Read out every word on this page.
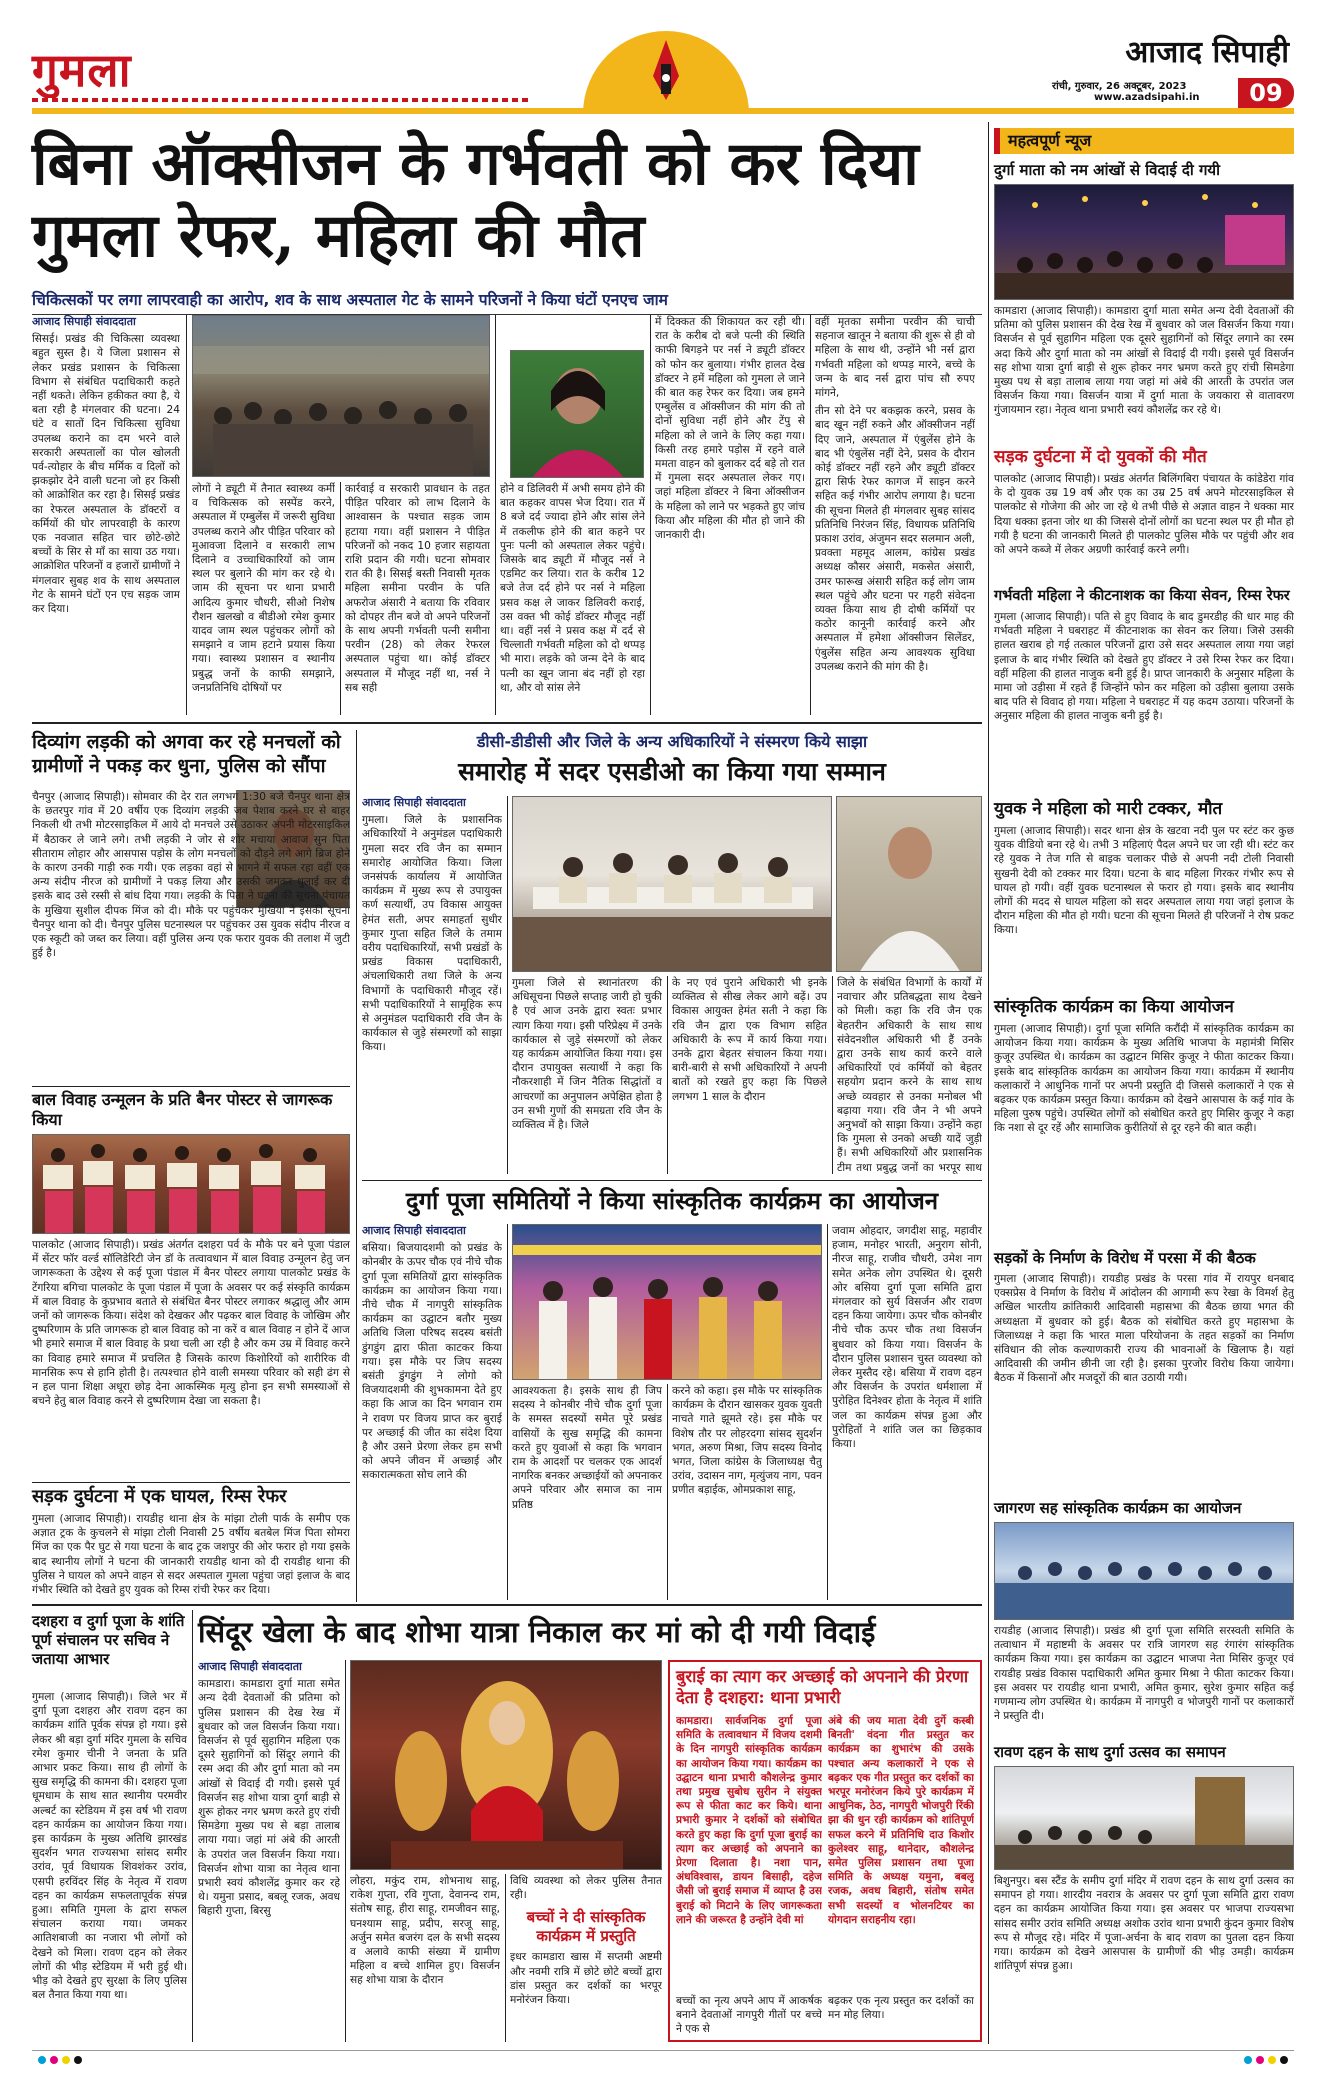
गुमला	आजाद सिपाही
रांची, गुरुवार, 26 अक्टूबर, 2023
www.azadsipahi.in	09
बिना ऑक्सीजन के गर्भवती को कर दिया गुमला रेफर, महिला की मौत
चिकित्सकों पर लगा लापरवाही का आरोप, शव के साथ अस्पताल गेट के सामने परिजनों ने किया घंटों एनएच जाम
आजाद सिपाही संवाददाता
सिसई। प्रखंड की चिकित्सा व्यवस्था बहुत सुस्त है। ये जिला प्रशासन से लेकर प्रखंड प्रशासन के चिकित्सा विभाग से संबंधित पदाधिकारी कहते नहीं थकते। लेकिन हकीकत क्या है, ये बता रही है मंगलवार की घटना। 24 घंटे व सातों दिन चिकित्सा सुविधा उपलब्ध कराने का दम भरने वाले सरकारी अस्पतालों का पोल खोलती पर्व-त्योहार के बीच मर्मिक व दिलों को झकझोर देने वाली घटना जो हर किसी को आक्रोशित कर रहा है। सिसई प्रखंड का रेफरल अस्पताल के डॉक्टरों व कर्मियों की घोर लापरवाही के कारण एक नवजात सहित चार छोटे-छोटे बच्चों के सिर से माँ का साया उठ गया। आक्रोशित परिजनों व हजारों ग्रामीणों ने मंगलवार सुबह शव के साथ अस्पताल गेट के सामने घंटों एन एच सड़क जाम कर दिया।
लोगों ने ड्यूटी में तैनात स्वास्थ्य कर्मी व चिकित्सक को सस्पेंड करने, अस्पताल में एम्बुलेंस में जरूरी सुविधा उपलब्ध कराने और पीड़ित परिवार को मुआवजा दिलाने व सरकारी लाभ दिलाने व उच्चाधिकारियों को जाम स्थल पर बुलाने की मांग कर रहे थे। जाम की सूचना पर थाना प्रभारी आदित्य कुमार चौधरी, सीओ निशेष रौशन खलखो व बीडीओ रमेश कुमार यादव जाम स्थल पहुंचकर लोगों को समझाने व जाम हटाने प्रयास किया गया। स्वास्थ्य प्रशासन व स्थानीय प्रबुद्ध जनों के काफी समझाने, जनप्रतिनिधि दोषियों पर
कार्रवाई व सरकारी प्रावधान के तहत पीड़ित परिवार को लाभ दिलाने के आश्वासन के पश्चात सड़क जाम हटाया गया। वहीं प्रशासन ने पीड़ित परिजनों को नकद 10 हजार सहायता राशि प्रदान की गयी। घटना सोमवार रात की है। सिसई बस्ती निवासी मृतक महिला समीना परवीन के पति अफरोज अंसारी ने बताया कि रविवार को दोपहर तीन बजे वो अपने परिजनों के साथ अपनी गर्भवती पत्नी समीना परवीन (28) को लेकर रेफरल अस्पताल पहुंचा था। कोई डॉक्टर अस्पताल में मौजूद नहीं था, नर्स ने सब सही
होने व डिलिवरी में अभी समय होने की बात कहकर वापस भेज दिया। रात में 8 बजे दर्द ज्यादा होने और सांस लेने में तकलीफ होने की बात कहने पर पुनः पत्नी को अस्पताल लेकर पहुंचे। जिसके बाद ड्यूटी में मौजूद नर्स ने एडमिट कर लिया। रात के करीब 12 बजे तेज दर्द होने पर नर्स ने महिला प्रसव कक्ष ले जाकर डिलिवरी कराई, उस वक्त भी कोई डॉक्टर मौजूद नहीं था। वहीं नर्स ने प्रसव कक्ष में दर्द से चिल्लाती गर्भवती महिला को दो थप्पड़ भी मारा। लड़के को जन्म देने के बाद पत्नी का खून जाना बंद नहीं हो रहा था, और वो सांस लेने
में दिक्कत की शिकायत कर रही थी। रात के करीब दो बजे पत्नी की स्थिति काफी बिगड़ने पर नर्स ने ड्यूटी डॉक्टर को फोन कर बुलाया। गंभीर हालत देख डॉक्टर ने हमें महिला को गुमला ले जाने की बात कह रेफर कर दिया। जब हमने एम्बुलेंस व ऑक्सीजन की मांग की तो दोनों सुविधा नहीं होने और टेंपु से महिला को ले जाने के लिए कहा गया। किसी तरह हमारे पड़ोस में रहने वाले ममता वाहन को बुलाकर दर्द बड़े तो रात में गुमला सदर अस्पताल लेकर गए। जहां महिला डॉक्टर ने बिना ऑक्सीजन के महिला को लाने पर भड़कते हुए जांच किया और महिला की मौत हो जाने की जानकारी दी।
वहीं मृतका समीना परवीन की चाची सहनाज खातून ने बताया की शुरू से ही वो महिला के साथ थी, उन्होंने भी नर्स द्वारा गर्भवती महिला को थप्पड़ मारने, बच्चे के जन्म के बाद नर्स द्वारा पांच सौ रुपए मांगने,
तीन सो देने पर बकझक करने, प्रसव के बाद खून नहीं रुकने और ऑक्सीजन नहीं दिए जाने, अस्पताल में एंबुलेंस होने के बाद भी एंबुलेंस नहीं देने, प्रसव के दौरान कोई डॉक्टर नहीं रहने और ड्यूटी डॉक्टर द्वारा सिर्फ रेफर कागज में साइन करने सहित कई गंभीर आरोप लगाया है। घटना की सूचना मिलते ही मंगलवार सुबह सांसद प्रतिनिधि निरंजन सिंह, विधायक प्रतिनिधि प्रकाश उरांव, अंजुमन सदर सलमान अली, प्रवक्ता महमूद आलम, कांग्रेस प्रखंड अध्यक्ष कौसर अंसारी, मकसेत अंसारी, उमर फारूख अंसारी सहित कई लोग जाम स्थल पहुंचे और घटना पर गहरी संवेदना व्यक्त किया साथ ही दोषी कर्मियों पर कठोर कानूनी कार्रवाई करने और अस्पताल में हमेशा ऑक्सीजन सिलेंडर, एंबुलेंस सहित अन्य आवश्यक सुविधा उपलब्ध कराने की मांग की है।
दिव्यांग लड़की को अगवा कर रहे मनचलों को ग्रामीणों ने पकड़ कर धुना, पुलिस को सौंपा
चैनपुर (आजाद सिपाही)। सोमवार की देर रात लगभग 1:30 बजे चैनपुर थाना क्षेत्र के छतरपुर गांव में 20 वर्षीय एक दिव्यांग लड़की जब पेशाब करने घर से बाहर निकली थी तभी मोटरसाइकिल में आये दो मनचले उसे उठाकर अपनी मोटरसाइकिल में बैठाकर ले जाने लगे। तभी लड़की ने जोर से शोर मचाया आवाज सुन पिता सीताराम लोहार और आसपास पड़ोस के लोग मनचलों को दौड़ने लगे आगे ब्रिज होने के कारण उनकी गाड़ी रुक गयी। एक लड़का वहां से भागने में सफल रहा वहीं एक अन्य संदीप नीरज को ग्रामीणों ने पकड़ लिया और उसकी जमकर धुलाई कर दी इसके बाद उसे रस्सी से बांध दिया गया। लड़की के पिता ने घटना की सूचना पंचायत के मुखिया सुशील दीपक मिंज को दी। मौके पर पहुंचकर मुखिया ने इसकी सूचना चैनपुर थाना को दी। चैनपुर पुलिस घटनास्थल पर पहुंचकर उस युवक संदीप नीरज व एक स्कूटी को जब्त कर लिया। वहीं पुलिस अन्य एक फरार युवक की तलाश में जुटी हुई है।
बाल विवाह उन्मूलन के प्रति बैनर पोस्टर से जागरूक किया
पालकोट (आजाद सिपाही)। प्रखंड अंतर्गत दशहरा पर्व के मौके पर बने पूजा पंडाल में सेंटर फॉर वर्ल्ड सॉलिडेरिटी जेन डॉ के तत्वावधान में बाल विवाह उन्मूलन हेतु जन जागरूकता के उद्देश्य से कई पूजा पंडाल में बैनर पोस्टर लगाया पालकोट प्रखंड के टेंगरिया बगिचा पालकोट के पूजा पंडाल में पूजा के अवसर पर कई संस्कृति कार्यक्रम में बाल विवाह के कुप्रभाव बताते से संबंधित बैनर पोस्टर लगाकर श्रद्धालु और आम जनों को जागरूक किया। संदेश को देखकर और पढ़कर बाल विवाह के जोखिम और दुष्परिणाम के प्रति जागरूक हो बाल विवाह को ना करें व बाल विवाह न होने दें आज भी हमारे समाज में बाल विवाह के प्रथा चली आ रही है और कम उम्र में विवाह करने का विवाह हमारे समाज में प्रचलित है जिसके कारण किशोरियों को शारीरिक वी मानसिक रूप से हानि होती है। तत्पश्चात होने वाली समस्या परिवार को सही ढंग से न हल पाना शिक्षा अधूरा छोड़ देना आकस्मिक मृत्यु होना इन सभी समस्याओं से बचने हेतु बाल विवाह करने से दुष्परिणाम देखा जा सकता है।
सड़क दुर्घटना में एक घायल, रिम्स रेफर
गुमला (आजाद सिपाही)। रायडीह थाना क्षेत्र के मांझा टोली पार्क के समीप एक अज्ञात ट्रक के कुचलने से मांझा टोली निवासी 25 वर्षीय बतबेल मिंज पिता सोमरा मिंज का एक पैर घुट से गया घटना के बाद ट्रक जशपुर की ओर फरार हो गया इसके बाद स्थानीय लोगों ने घटना की जानकारी रायडीह थाना को दी रायडीह थाना की पुलिस ने घायल को अपने वाहन से सदर अस्पताल गुमला पहुंचा जहां इलाज के बाद गंभीर स्थिति को देखते हुए युवक को रिम्स रांची रेफर कर दिया।
दशहरा व दुर्गा पूजा के शांति पूर्ण संचालन पर सचिव ने जताया आभार
गुमला (आजाद सिपाही)। जिले भर में दुर्गा पूजा दशहरा और रावण दहन का कार्यक्रम शांति पूर्वक संपन्न हो गया। इसे लेकर श्री बड़ा दुर्गा मंदिर गुमला के सचिव रमेश कुमार चीनी ने जनता के प्रति आभार प्रकट किया। साथ ही लोगों के सुख समृद्धि की कामना की। दशहरा पूजा धूमधाम के साथ सात स्थानीय परमवीर अल्बर्ट का स्टेडियम में इस वर्ष भी रावण दहन कार्यक्रम का आयोजन किया गया। इस कार्यक्रम के मुख्य अतिथि झारखंड सुदर्शन भगत राज्यसभा सांसद समीर उरांव, पूर्व विधायक शिवशंकर उरांव, एसपी हरविंदर सिंह के नेतृत्व में रावण दहन का कार्यक्रम सफलतापूर्वक संपन्न हुआ। समिति गुमला के द्वारा सफल संचालन कराया गया। जमकर आतिशबाजी का नजारा भी लोगों को देखने को मिला। रावण दहन को लेकर लोगों की भीड़ स्टेडियम में भरी हुई थी। भीड़ को देखते हुए सुरक्षा के लिए पुलिस बल तैनात किया गया था।
डीसी-डीडीसी और जिले के अन्य अधिकारियों ने संस्मरण किये साझा
समारोह में सदर एसडीओ का किया गया सम्मान
आजाद सिपाही संवाददाता
गुमला। जिले के प्रशासनिक अधिकारियों ने अनुमंडल पदाधिकारी गुमला सदर रवि जैन का सम्मान समारोह आयोजित किया। जिला जनसंपर्क कार्यालय में आयोजित कार्यक्रम में मुख्य रूप से उपायुक्त कर्ण सत्यार्थी, उप विकास आयुक्त हेमंत सती, अपर समाहर्ता सुधीर कुमार गुप्ता सहित जिले के तमाम वरीय पदाधिकारियों, सभी प्रखंडों के प्रखंड विकास पदाधिकारी, अंचलाधिकारी तथा जिले के अन्य विभागों के पदाधिकारी मौजूद रहें। सभी पदाधिकारियों ने सामूहिक रूप से अनुमंडल पदाधिकारी रवि जैन के कार्यकाल से जुड़े संस्मरणों को साझा किया।
गुमला जिले से स्थानांतरण की अधिसूचना पिछले सप्ताह जारी हो चुकी है एवं आज उनके द्वारा स्वतः प्रभार त्याग किया गया। इसी परिप्रेक्ष्य में उनके कार्यकाल से जुड़े संस्मरणों को लेकर यह कार्यक्रम आयोजित किया गया। इस दौरान उपायुक्त सत्यार्थी ने कहा कि नौकरशाही में जिन नैतिक सिद्धांतों व आचरणों का अनुपालन अपेक्षित होता है उन सभी गुणों की समग्रता रवि जैन के व्यक्तित्व में है। जिले
के नए एवं पुराने अधिकारी भी इनके व्यक्तित्व से सीख लेकर आगे बढ़ें। उप विकास आयुक्त हेमंत सती ने कहा कि रवि जैन द्वारा एक विभाग सहित अधिकारी के रूप में कार्य किया गया। उनके द्वारा बेहतर संचालन किया गया। बारी-बारी से सभी अधिकारियों ने अपनी बातों को रखते हुए कहा कि पिछले लगभग 1 साल के दौरान
जिले के संबंधित विभागों के कार्यों में नवाचार और प्रतिबद्धता साथ देखने को मिली। कहा कि रवि जैन एक बेहतरीन अधिकारी के साथ साथ संवेदनशील अधिकारी भी हैं उनके द्वारा उनके साथ कार्य करने वाले अधिकारियों एवं कर्मियों को बेहतर सहयोग प्रदान करने के साथ साथ अच्छे व्यवहार से उनका मनोबल भी बढ़ाया गया। रवि जैन ने भी अपने अनुभवों को साझा किया। उन्होंने कहा कि गुमला से उनको अच्छी यादें जुड़ी हैं। सभी अधिकारियों और प्रशासनिक टीम तथा प्रबुद्ध जनों का भरपूर साथ
दुर्गा पूजा समितियों ने किया सांस्कृतिक कार्यक्रम का आयोजन
आजाद सिपाही संवाददाता
बसिया। बिजयादशमी को प्रखंड के कोनबीर के ऊपर चौक एवं नीचे चौक दुर्गा पूजा समितियों द्वारा सांस्कृतिक कार्यक्रम का आयोजन किया गया। नीचे चौक में नागपुरी सांस्कृतिक कार्यक्रम का उद्घाटन बतौर मुख्य अतिथि जिला परिषद सदस्य बसंती डुंगडुंग द्वारा फीता काटकर किया गया। इस मौके पर जिप सदस्य बसंती डुंगडुंग ने लोगो को विजयादशमी की शुभकामना देते हुए कहा कि आज का दिन भगवान राम ने रावण पर विजय प्राप्त कर बुराई पर अच्छाई की जीत का संदेश दिया है और उसने प्रेरणा लेकर हम सभी को अपने जीवन में अच्छाई और सकारात्मकता सोच लाने की
आवश्यकता है। इसके साथ ही जिप सदस्य ने कोनबीर नीचे चौक दुर्गा पूजा के समस्त सदस्यों समेत पूरे प्रखंड वासियों के सुख समृद्धि की कामना करते हुए युवाओं से कहा कि भगवान राम के आदर्शो पर चलकर एक आदर्श नागरिक बनकर अच्छाईयों को अपनाकर अपने परिवार और समाज का नाम प्रतिष्ठ
करने को कहा। इस मौके पर सांस्कृतिक कार्यक्रम के दौरान खासकर युवक युवती नाचते गाते झूमते रहे। इस मौके पर विशेष तौर पर लोहरदगा सांसद सुदर्शन भगत, अरुण मिश्रा, जिप सदस्य विनोद भगत, जिला कांग्रेस के जिलाध्यक्ष चैतु उरांव, उदासन नाग, मृत्युंजय नाग, पवन प्रणीत बड़ाईक, ओमप्रकाश साहू,
जवाम ओहदार, जगदीश साहू, महावीर हजाम, मनोहर भारती, अनुराग सोनी, नीरज साहू, राजीव चौधरी, उमेश नाग समेत अनेक लोग उपस्थित थे। दूसरी ओर बसिया दुर्गा पूजा समिति द्वारा मंगलवार को सुर्य विसर्जन और रावण दहन किया जायेगा। ऊपर चौक कोनबीर नीचे चौक ऊपर चौक तथा विसर्जन बुधवार को किया गया। विसर्जन के दौरान पुलिस प्रशासन चुस्त व्यवस्था को लेकर मुस्तैद रहे। बसिया में रावण दहन और विसर्जन के उपरांत धर्मशाला में पुरोहित दिनेश्वर होता के नेतृत्व में शांति जल का कार्यक्रम संपन्न हुआ और पुरोहितों ने शांति जल का छिड़काव किया।
सिंदूर खेला के बाद शोभा यात्रा निकाल कर मां को दी गयी विदाई
आजाद सिपाही संवाददाता
कामडारा। कामडारा दुर्गा माता समेत अन्य देवी देवताओं की प्रतिमा को पुलिस प्रशासन की देख रेख में बुधवार को जल विसर्जन किया गया। विसर्जन से पूर्व सुहागिन महिला एक दूसरे सुहागिनों को सिंदूर लगाने की रस्म अदा की और दुर्गा माता को नम आंखों से विदाई दी गयी। इससे पूर्व विसर्जन सह शोभा यात्रा दुर्गा बाड़ी से शुरू होकर नगर भ्रमण करते हुए रांची सिमडेगा मुख्य पथ से बड़ा तालाब लाया गया। जहां मां अंबे की आरती के उपरांत जल विसर्जन किया गया। विसर्जन शोभा यात्रा का नेतृत्व थाना प्रभारी स्वयं कौशलेंद्र कुमार कर रहे थे। यमुना प्रसाद, बबलू रजक, अवध बिहारी गुप्ता, बिरसु
लोहरा, मकुंद राम, शोभनाथ साहू, राकेश गुप्ता, रवि गुप्ता, देवानन्द राम, संतोष साहू, हीरा साहू, रामजीवन साहू, घनश्याम साहू, प्रदीप, सरजू साहू, अर्जुन समेत बजरंग दल के सभी सदस्य व अलावे काफी संख्या में ग्रामीण महिला व बच्चे शामिल हुए। विसर्जन सह शोभा यात्रा के दौरान
विधि व्यवस्था को लेकर पुलिस तैनात रही।
बच्चों ने दी सांस्कृतिक कार्यक्रम में प्रस्तुति
इधर कामडारा खास में सप्तमी अष्टमी और नवमी रात्रि में छोटे छोटे बच्चों द्वारा डांस प्रस्तुत कर दर्शकों का भरपूर मनोरंजन किया।
बुराई का त्याग कर अच्छाई को अपनाने की प्रेरणा देता है दशहरा: थाना प्रभारी
कामडारा। सार्वजनिक दुर्गा पूजा समिति के तत्वावधान में विजय दशमी के दिन नागपुरी सांस्कृतिक कार्यक्रम का आयोजन किया गया। कार्यक्रम का उद्घाटन थाना प्रभारी कौशलेन्द्र कुमार तथा प्रमुख सुबोध सुरीन ने संयुक्त रूप से फीता काट कर किये। थाना प्रभारी कुमार ने दर्शकों को संबोधित करते हुए कहा कि दुर्गा पूजा बुराई का त्याग कर अच्छाई को अपनाने का प्रेरणा दिलाता है। नशा पान, अंधविश्वास, डायन बिसाही, दहेज जैसी जो बुराई समाज में व्याप्त है उस बुराई को मिटाने के लिए जागरूकता लाने की जरूरत है उन्होंने देवी मां
अंबे की जय माता देवी दुर्गे कस्बी बिनती' वंदना गीत प्रस्तुत कर कार्यक्रम का शुभारंभ की उसके पश्चात अन्य कलाकारों ने एक से बढ़कर एक गीत प्रस्तुत कर दर्शकों का भरपूर मनोरंजन किये पुरे कार्यक्रम में आधुनिक, ठेठ, नागपुरी भोजपुरी रिंकी झा की धुन रही कार्यक्रम को शांतिपूर्ण सफल करने में प्रतिनिधि दाउ किशोर कुलेश्वर साहू, थानेदार, कौशलेन्द्र समेत पुलिस प्रशासन तथा पूजा समिति के अध्यक्ष यमुना, बबलू रजक, अवध बिहारी, संतोष समेत सभी सदस्यों व भोलनटियर का योगदान सराहनीय रहा।
बच्चों का नृत्य अपने आप में आकर्षक बनाने देवताओं नागपुरी गीतों पर बच्चे ने एक से
बढ़कर एक नृत्य प्रस्तुत कर दर्शकों का मन मोह लिया।
महत्वपूर्ण न्यूज
दुर्गा माता को नम आंखों से विदाई दी गयी
कामडारा (आजाद सिपाही)। कामडारा दुर्गा माता समेत अन्य देवी देवताओं की प्रतिमा को पुलिस प्रशासन की देख रेख में बुधवार को जल विसर्जन किया गया। विसर्जन से पूर्व सुहागिन महिला एक दूसरे सुहागिनों को सिंदूर लगाने का रस्म अदा किये और दुर्गा माता को नम आंखों से विदाई दी गयी। इससे पूर्व विसर्जन सह शोभा यात्रा दुर्गा बाड़ी से शुरू होकर नगर भ्रमण करते हुए रांची सिमडेगा मुख्य पथ से बड़ा तालाब लाया गया जहां मां अंबे की आरती के उपरांत जल विसर्जन किया गया। विसर्जन यात्रा में दुर्गा माता के जयकारा से वातावरण गुंजायमान रहा। नेतृत्व थाना प्रभारी स्वयं कौशलेंद्र कर रहे थे।
सड़क दुर्घटना में दो युवकों की मौत
पालकोट (आजाद सिपाही)। प्रखंड अंतर्गत बिलिंगबिरा पंचायत के कांडेडेरा गांव के दो युवक उम्र 19 वर्ष और एक का उम्र 25 वर्ष अपने मोटरसाइकिल से पालकोट से गोजेगा की ओर जा रहे थे तभी पीछे से अज्ञात वाहन ने धक्का मार दिया धक्का इतना जोर था की जिससे दोनों लोगों का घटना स्थल पर ही मौत हो गयी है घटना की जानकारी मिलते ही पालकोट पुलिस मौके पर पहुंची और शव को अपने कब्जे में लेकर अग्रणी कार्रवाई करने लगी।
गर्भवती महिला ने कीटनाशक का किया सेवन, रिम्स रेफर
गुमला (आजाद सिपाही)। पति से हुए विवाद के बाद डुमरडीह की धार माह की गर्भवती महिला ने घबराहट में कीटनाशक का सेवन कर लिया। जिसे उसकी हालत खराब हो गई तत्काल परिजनों द्वारा उसे सदर अस्पताल लाया गया जहां इलाज के बाद गंभीर स्थिति को देखते हुए डॉक्टर ने उसे रिम्स रेफर कर दिया। वहीं महिला की हालत नाजुक बनी हुई है। प्राप्त जानकारी के अनुसार महिला के मामा जो उड़ीसा में रहते हैं जिन्होंने फोन कर महिला को उड़ीसा बुलाया उसके बाद पति से विवाद हो गया। महिला ने घबराहट में यह कदम उठाया। परिजनों के अनुसार महिला की हालत नाजुक बनी हुई है।
युवक ने महिला को मारी टक्कर, मौत
गुमला (आजाद सिपाही)। सदर थाना क्षेत्र के खटवा नदी पुल पर स्टंट कर कुछ युवक वीडियो बना रहे थे। तभी 3 महिलाएं पैदल अपने घर जा रही थी। स्टंट कर रहे युवक ने तेज गति से बाइक चलाकर पीछे से अपनी नदी टोली निवासी सुखनी देवी को टक्कर मार दिया। घटना के बाद महिला गिरकर गंभीर रूप से घायल हो गयी। वहीं युवक घटनास्थल से फरार हो गया। इसके बाद स्थानीय लोगों की मदद से घायल महिला को सदर अस्पताल लाया गया जहां इलाज के दौरान महिला की मौत हो गयी। घटना की सूचना मिलते ही परिजनों ने रोष प्रकट किया।
सांस्कृतिक कार्यक्रम का किया आयोजन
गुमला (आजाद सिपाही)। दुर्गा पूजा समिति करौंदी में सांस्कृतिक कार्यक्रम का आयोजन किया गया। कार्यक्रम के मुख्य अतिथि भाजपा के महामंत्री मिसिर कुजूर उपस्थित थे। कार्यक्रम का उद्घाटन मिसिर कुजूर ने फीता काटकर किया। इसके बाद सांस्कृतिक कार्यक्रम का आयोजन किया गया। कार्यक्रम में स्थानीय कलाकारों ने आधुनिक गानों पर अपनी प्रस्तुति दी जिससे कलाकारों ने एक से बढ़कर एक कार्यक्रम प्रस्तुत किया। कार्यक्रम को देखने आसपास के कई गांव के महिला पुरुष पहुंचे। उपस्थित लोगों को संबोधित करते हुए मिसिर कुजूर ने कहा कि नशा से दूर रहें और सामाजिक कुरीतियों से दूर रहने की बात कही।
सड़कों के निर्माण के विरोध में परसा में की बैठक
गुमला (आजाद सिपाही)। रायडीह प्रखंड के परसा गांव में रायपुर धनबाद एक्सप्रेस वे निर्माण के विरोध में आंदोलन की आगामी रूप रेखा के विमर्श हेतु अखिल भारतीय क्रांतिकारी आदिवासी महासभा की बैठक छाया भगत की अध्यक्षता में बुधवार को हुई। बैठक को संबोधित करते हुए महासभा के जिलाध्यक्ष ने कहा कि भारत माला परियोजना के तहत सड़कों का निर्माण संविधान की लोक कल्याणकारी राज्य की भावनाओं के खिलाफ है। यहां आदिवासी की जमीन छीनी जा रही है। इसका पुरजोर विरोध किया जायेगा। बैठक में किसानों और मजदूरों की बात उठायी गयी।
जागरण सह सांस्कृतिक कार्यक्रम का आयोजन
रायडीह (आजाद सिपाही)। प्रखंड श्री दुर्गा पूजा समिति सरस्वती समिति के तत्वाधान में महाष्टमी के अवसर पर रात्रि जागरण सह रंगारंग सांस्कृतिक कार्यक्रम किया गया। इस कार्यक्रम का उद्घाटन भाजपा नेता मिसिर कुजूर एवं रायडीह प्रखंड विकास पदाधिकारी अमित कुमार मिश्रा ने फीता काटकर किया। इस अवसर पर रायडीह थाना प्रभारी, अमित कुमार, सुरेश कुमार सहित कई गणमान्य लोग उपस्थित थे। कार्यक्रम में नागपुरी व भोजपुरी गानों पर कलाकारों ने प्रस्तुति दी।
रावण दहन के साथ दुर्गा उत्सव का समापन
बिशुनपुर। बस स्टैंड के समीप दुर्गा मंदिर में रावण दहन के साथ दुर्गा उत्सव का समापन हो गया। शारदीय नवरात्र के अवसर पर दुर्गा पूजा समिति द्वारा रावण दहन का कार्यक्रम आयोजित किया गया। इस अवसर पर भाजपा राज्यसभा सांसद समीर उरांव समिति अध्यक्ष अशोक उरांव थाना प्रभारी कुंदन कुमार विशेष रूप से मौजूद रहे। मंदिर में पूजा-अर्चना के बाद रावण का पुतला दहन किया गया। कार्यक्रम को देखने आसपास के ग्रामीणों की भीड़ उमड़ी। कार्यक्रम शांतिपूर्ण संपन्न हुआ।
